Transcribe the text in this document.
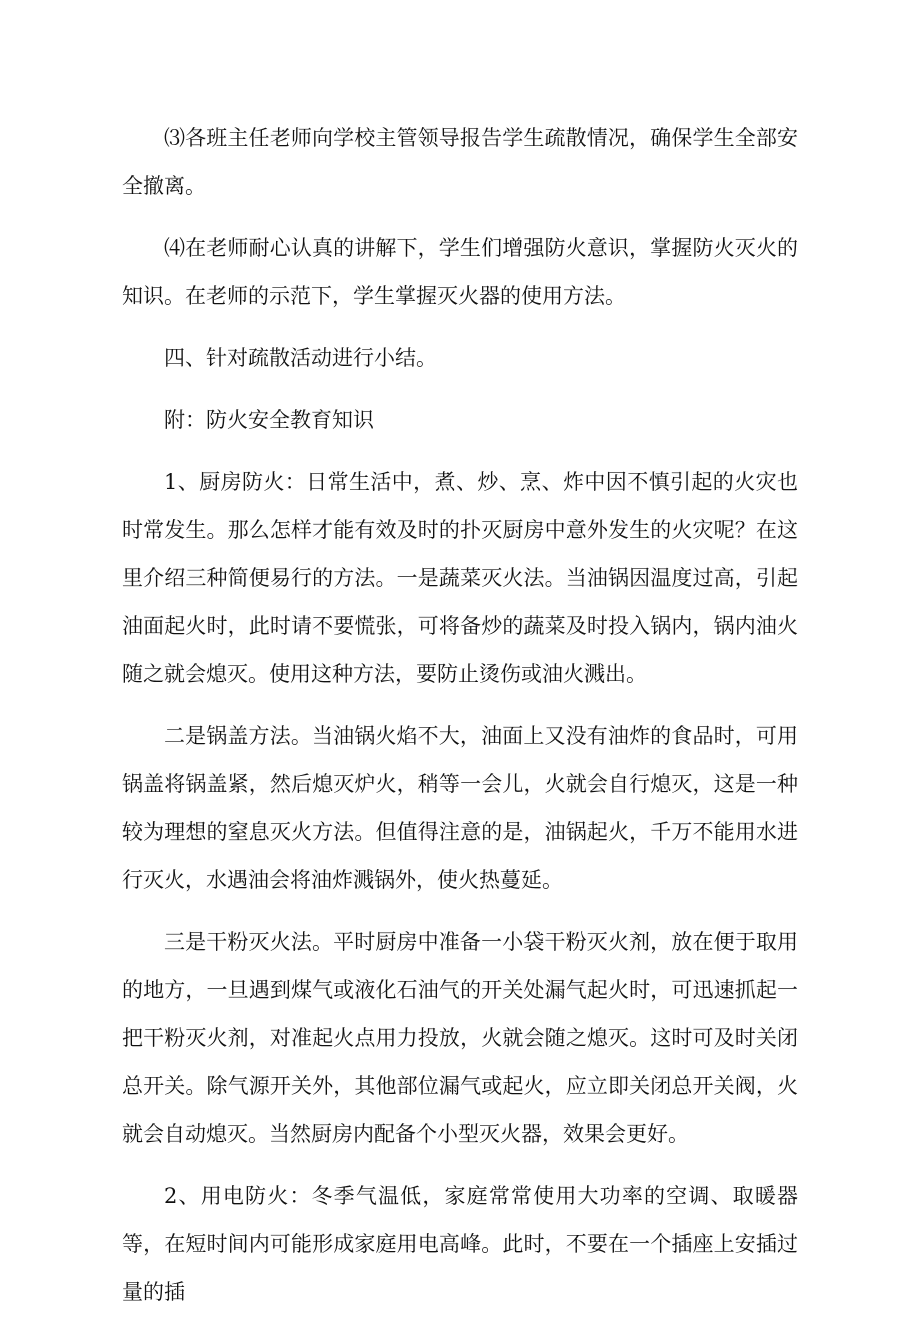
⑶各班主任老师向学校主管领导报告学生疏散情况，确保学生全部安全撤离。

⑷在老师耐心认真的讲解下，学生们增强防火意识，掌握防火灭火的知识。在老师的示范下，学生掌握灭火器的使用方法。

四、针对疏散活动进行小结。

附：防火安全教育知识

1、厨房防火：日常生活中，煮、炒、烹、炸中因不慎引起的火灾也时常发生。那么怎样才能有效及时的扑灭厨房中意外发生的火灾呢？在这里介绍三种简便易行的方法。一是蔬菜灭火法。当油锅因温度过高，引起油面起火时，此时请不要慌张，可将备炒的蔬菜及时投入锅内，锅内油火随之就会熄灭。使用这种方法，要防止烫伤或油火溅出。

二是锅盖方法。当油锅火焰不大，油面上又没有油炸的食品时，可用锅盖将锅盖紧，然后熄灭炉火，稍等一会儿，火就会自行熄灭，这是一种较为理想的窒息灭火方法。但值得注意的是，油锅起火，千万不能用水进行灭火，水遇油会将油炸溅锅外，使火热蔓延。

三是干粉灭火法。平时厨房中准备一小袋干粉灭火剂，放在便于取用的地方，一旦遇到煤气或液化石油气的开关处漏气起火时，可迅速抓起一把干粉灭火剂，对准起火点用力投放，火就会随之熄灭。这时可及时关闭总开关。除气源开关外，其他部位漏气或起火，应立即关闭总开关阀，火就会自动熄灭。当然厨房内配备个小型灭火器，效果会更好。

2、用电防火：冬季气温低，家庭常常使用大功率的空调、取暖器等，在短时间内可能形成家庭用电高峰。此时，不要在一个插座上安插过量的插
